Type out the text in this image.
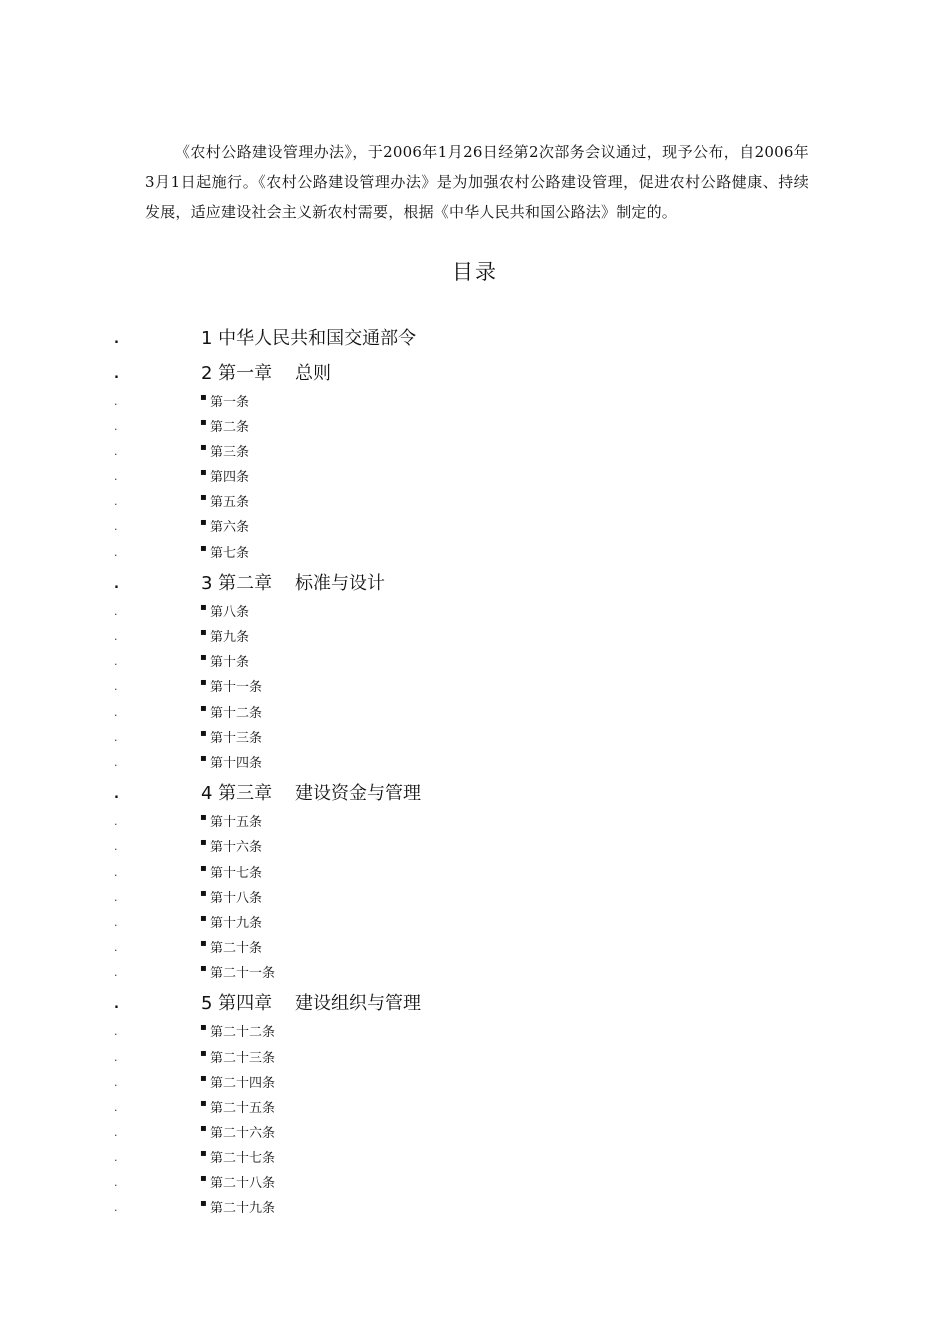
《农村公路建设管理办法》，于2006年1月26日经第2次部务会议通过，现予公布，自2006年3月1日起施行。《农村公路建设管理办法》是为加强农村公路建设管理，促进农村公路健康、持续发展，适应建设社会主义新农村需要，根据《中华人民共和国公路法》制定的。

目录
.	1 中华人民共和国交通部令
.	2 第一章    总则
.	▪ 第一条
.	▪ 第二条
.	▪ 第三条
.	▪ 第四条
.	▪ 第五条
.	▪ 第六条
.	▪ 第七条
.	3 第二章    标准与设计
.	▪ 第八条
.	▪ 第九条
.	▪ 第十条
.	▪ 第十一条
.	▪ 第十二条
.	▪ 第十三条
.	▪ 第十四条
.	4 第三章    建设资金与管理
.	▪ 第十五条
.	▪ 第十六条
.	▪ 第十七条
.	▪ 第十八条
.	▪ 第十九条
.	▪ 第二十条
.	▪ 第二十一条
.	5 第四章    建设组织与管理
.	▪ 第二十二条
.	▪ 第二十三条
.	▪ 第二十四条
.	▪ 第二十五条
.	▪ 第二十六条
.	▪ 第二十七条
.	▪ 第二十八条
.	▪ 第二十九条
